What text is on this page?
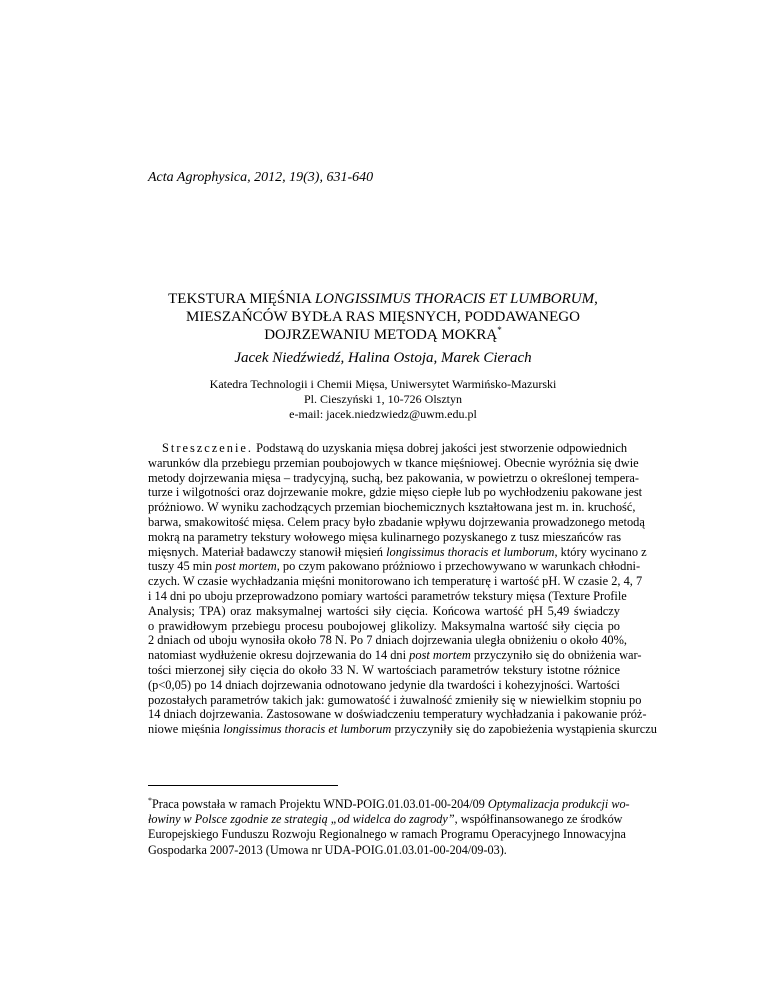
Acta Agrophysica, 2012, 19(3), 631-640
TEKSTURA MIĘŚNIA LONGISSIMUS THORACIS ET LUMBORUM,
MIESZAŃCÓW BYDŁA RAS MIĘSNYCH, PODDAWANEGO
DOJRZEWANIU METODĄ MOKRĄ*
Jacek Niedźwiedź, Halina Ostoja, Marek Cierach
Katedra Technologii i Chemii Mięsa, Uniwersytet Warmińsko-Mazurski
Pl. Cieszyński 1, 10-726 Olsztyn
e-mail: jacek.niedzwiedz@uwm.edu.pl
Streszczenie. Podstawą do uzyskania mięsa dobrej jakości jest stworzenie odpowiednich
warunków dla przebiegu przemian poubojowych w tkance mięśniowej. Obecnie wyróżnia się dwie
metody dojrzewania mięsa – tradycyjną, suchą, bez pakowania, w powietrzu o określonej tempera-
turze i wilgotności oraz dojrzewanie mokre, gdzie mięso ciepłe lub po wychłodzeniu pakowane jest
próżniowo. W wyniku zachodzących przemian biochemicznych kształtowana jest m. in. kruchość,
barwa, smakowitość mięsa. Celem pracy było zbadanie wpływu dojrzewania prowadzonego metodą
mokrą na parametry tekstury wołowego mięsa kulinarnego pozyskanego z tusz mieszańców ras
mięsnych. Materiał badawczy stanowił mięsień longissimus thoracis et lumborum, który wycinano z
tuszy 45 min post mortem, po czym pakowano próżniowo i przechowywano w warunkach chłodni-
czych. W czasie wychładzania mięśni monitorowano ich temperaturę i wartość pH. W czasie 2, 4, 7
i 14 dni po uboju przeprowadzono pomiary wartości parametrów tekstury mięsa (Texture Profile
Analysis; TPA) oraz maksymalnej wartości siły cięcia. Końcowa wartość pH 5,49 świadczy
o prawidłowym przebiegu procesu poubojowej glikolizy. Maksymalna wartość siły cięcia po
2 dniach od uboju wynosiła około 78 N. Po 7 dniach dojrzewania uległa obniżeniu o około 40%,
natomiast wydłużenie okresu dojrzewania do 14 dni post mortem przyczyniło się do obniżenia war-
tości mierzonej siły cięcia do około 33 N. W wartościach parametrów tekstury istotne różnice
(p<0,05) po 14 dniach dojrzewania odnotowano jedynie dla twardości i kohezyjności. Wartości
pozostałych parametrów takich jak: gumowatość i żuwalność zmieniły się w niewielkim stopniu po
14 dniach dojrzewania. Zastosowane w doświadczeniu temperatury wychładzania i pakowanie próż-
niowe mięśnia longissimus thoracis et lumborum przyczyniły się do zapobieżenia wystąpienia skurczu
*Praca powstała w ramach Projektu WND-POIG.01.03.01-00-204/09 Optymalizacja produkcji wo-
łowiny w Polsce zgodnie ze strategią „od widelca do zagrody”, współfinansowanego ze środków
Europejskiego Funduszu Rozwoju Regionalnego w ramach Programu Operacyjnego Innowacyjna
Gospodarka 2007-2013 (Umowa nr UDA-POIG.01.03.01-00-204/09-03).
